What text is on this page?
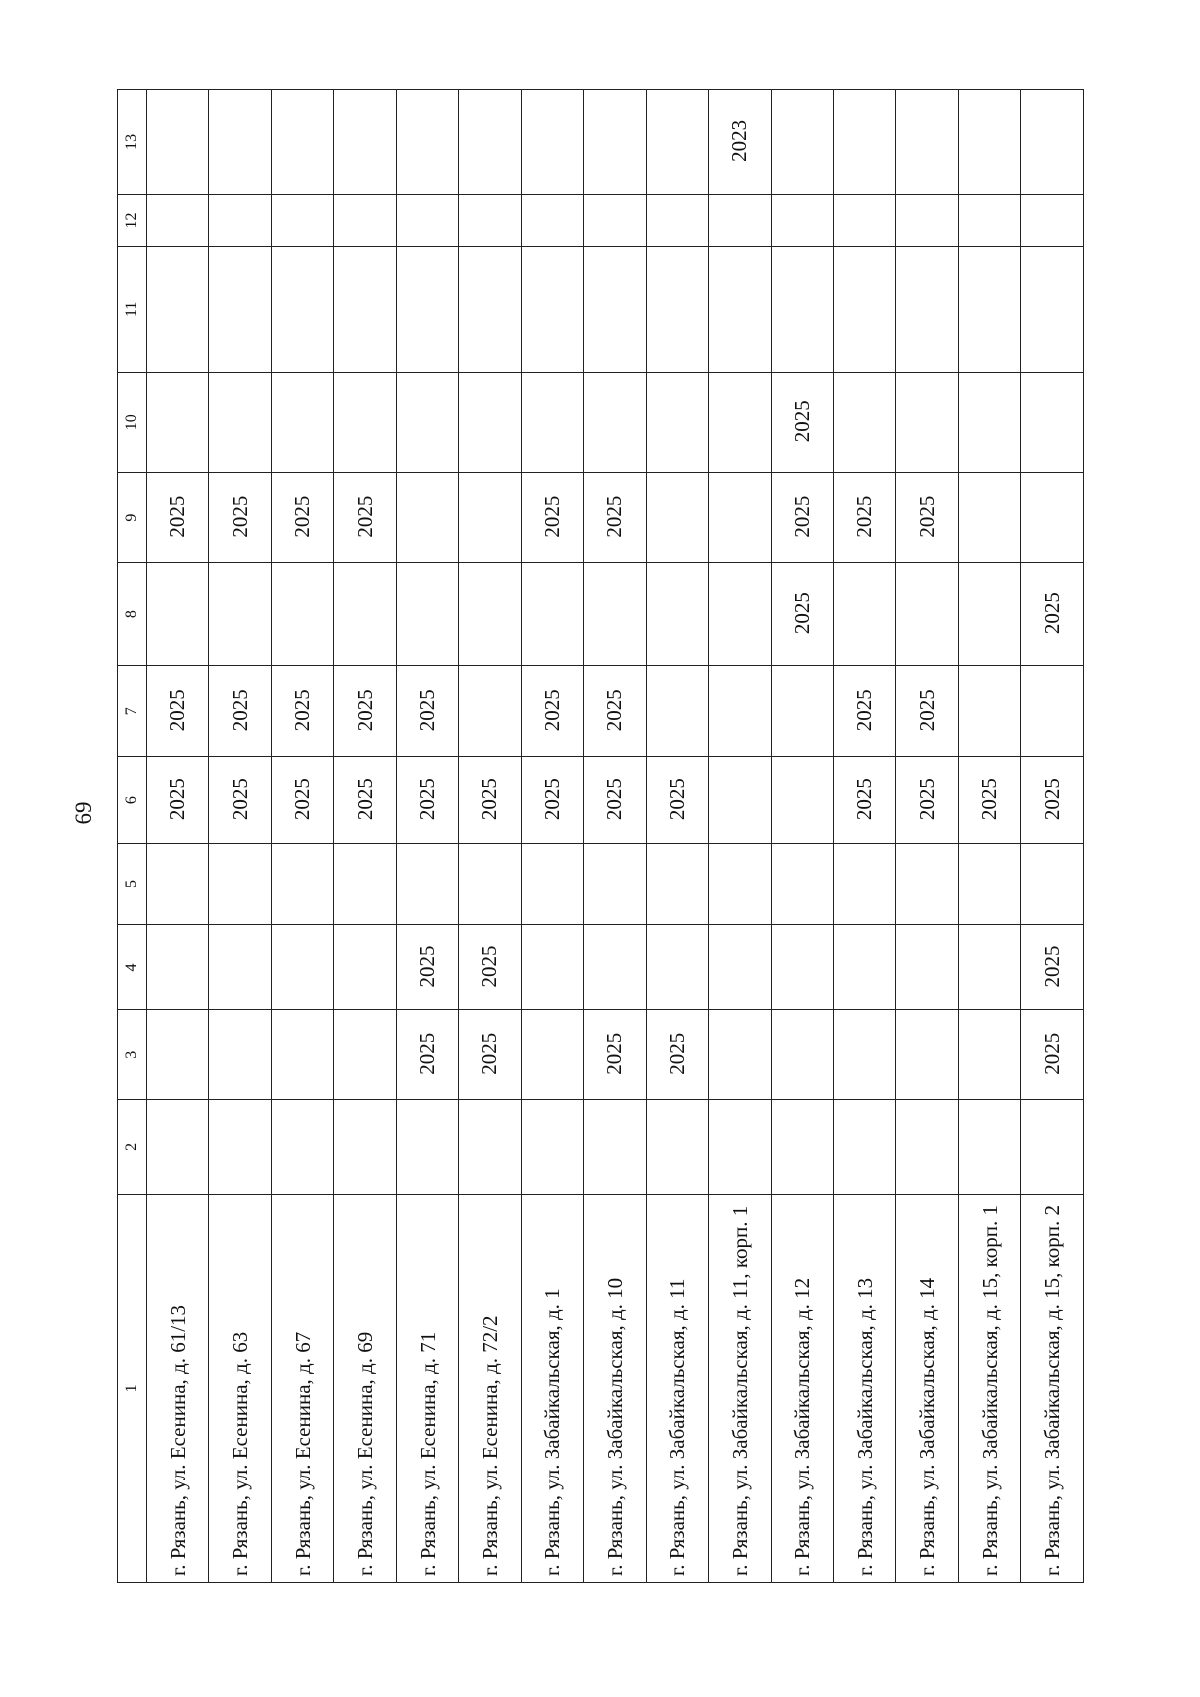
69
1	2	3	4	5	6	7	8	9	10	11	12	13
г. Рязань, ул. Есенина, д. 61/13					2025	2025		2025				
г. Рязань, ул. Есенина, д. 63					2025	2025		2025				
г. Рязань, ул. Есенина, д. 67					2025	2025		2025				
г. Рязань, ул. Есенина, д. 69					2025	2025		2025				
г. Рязань, ул. Есенина, д. 71		2025	2025		2025	2025						
г. Рязань, ул. Есенина, д. 72/2		2025	2025		2025							
г. Рязань, ул. Забайкальская, д. 1					2025	2025		2025				
г. Рязань, ул. Забайкальская, д. 10		2025			2025	2025		2025				
г. Рязань, ул. Забайкальская, д. 11		2025			2025							
г. Рязань, ул. Забайкальская, д. 11, корп. 1												2023
г. Рязань, ул. Забайкальская, д. 12							2025	2025	2025			
г. Рязань, ул. Забайкальская, д. 13					2025	2025		2025				
г. Рязань, ул. Забайкальская, д. 14					2025	2025		2025				
г. Рязань, ул. Забайкальская, д. 15, корп. 1					2025							
г. Рязань, ул. Забайкальская, д. 15, корп. 2		2025	2025		2025		2025					
